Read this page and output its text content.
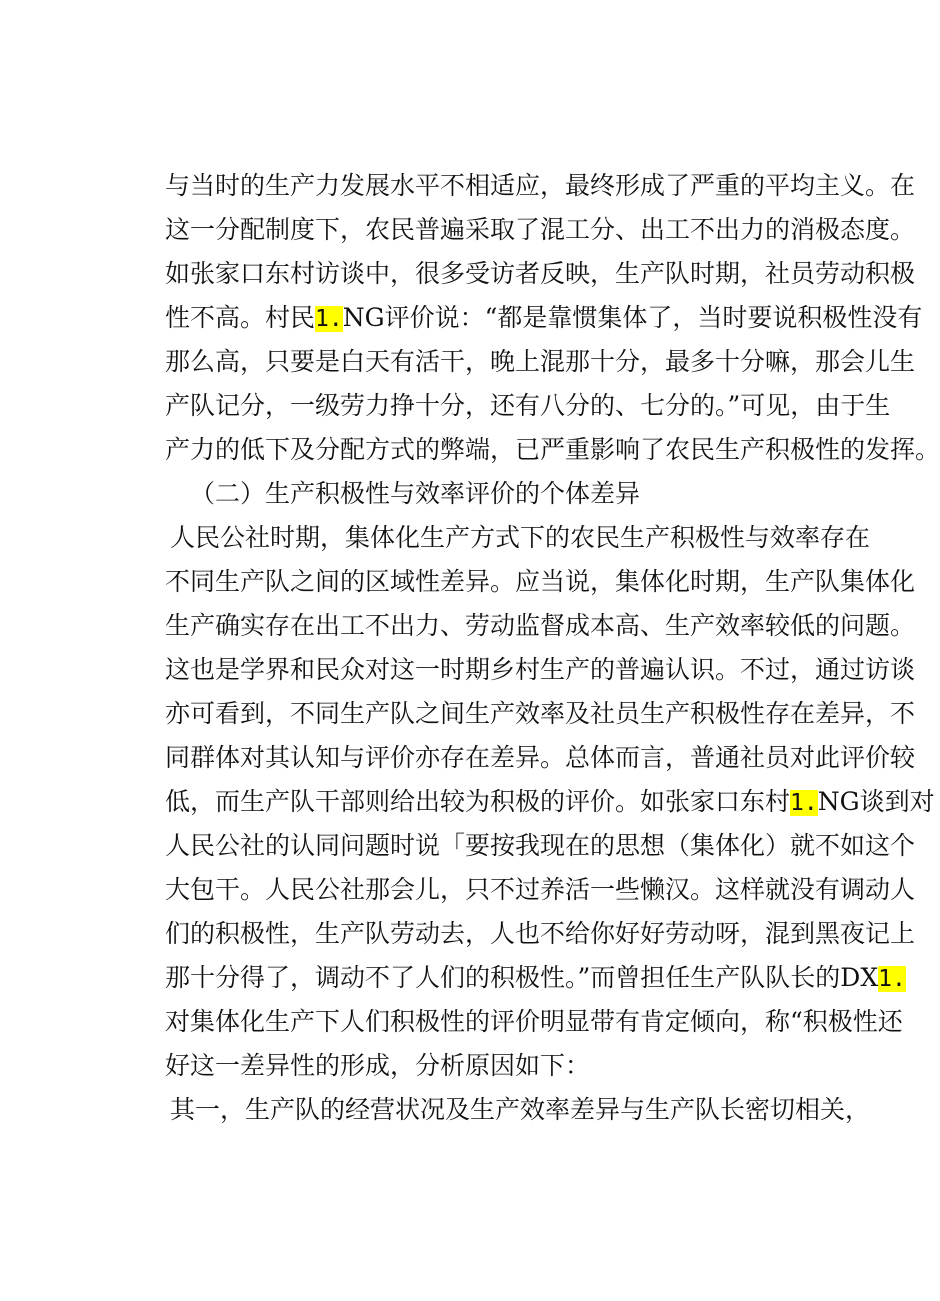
与当时的生产力发展水平不相适应，最终形成了严重的平均主义。在
这一分配制度下，农民普遍采取了混工分、出工不出力的消极态度。
如张家口东村访谈中，很多受访者反映，生产队时期，社员劳动积极
性不高。村民1.NG评价说：“都是靠惯集体了，当时要说积极性没有
那么高，只要是白天有活干，晚上混那十分，最多十分嘛，那会儿生
产队记分，一级劳力挣十分，还有八分的、七分的。”可见，由于生
产力的低下及分配方式的弊端，已严重影响了农民生产积极性的发挥。
（二）生产积极性与效率评价的个体差异
人民公社时期，集体化生产方式下的农民生产积极性与效率存在
不同生产队之间的区域性差异。应当说，集体化时期，生产队集体化
生产确实存在出工不出力、劳动监督成本高、生产效率较低的问题。
这也是学界和民众对这一时期乡村生产的普遍认识。不过，通过访谈
亦可看到，不同生产队之间生产效率及社员生产积极性存在差异，不
同群体对其认知与评价亦存在差异。总体而言，普通社员对此评价较
低，而生产队干部则给出较为积极的评价。如张家口东村1.NG谈到对
人民公社的认同问题时说「要按我现在的思想（集体化）就不如这个
大包干。人民公社那会儿，只不过养活一些懒汉。这样就没有调动人
们的积极性，生产队劳动去，人也不给你好好劳动呀，混到黑夜记上
那十分得了，调动不了人们的积极性。”而曾担任生产队队长的DX1.
对集体化生产下人们积极性的评价明显带有肯定倾向，称“积极性还
好这一差异性的形成，分析原因如下：
其一，生产队的经营状况及生产效率差异与生产队长密切相关，
